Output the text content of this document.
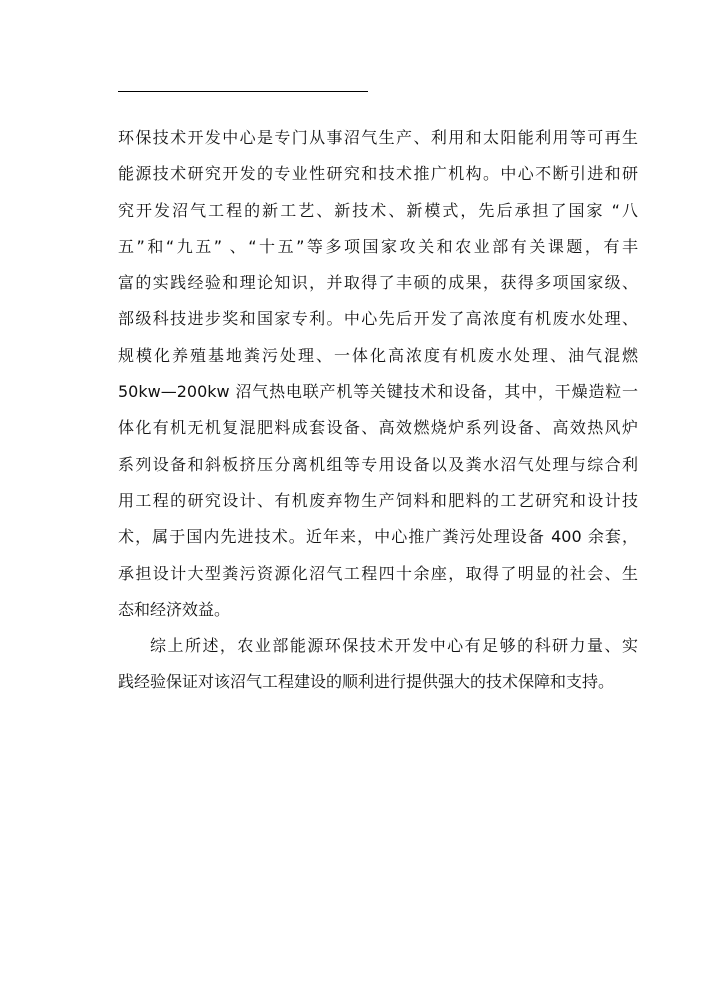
环保技术开发中心是专门从事沼气生产、利用和太阳能利用等可再生
能源技术研究开发的专业性研究和技术推广机构。中心不断引进和研
究开发沼气工程的新工艺、新技术、新模式，先后承担了国家 “八
五”和“九五” 、“十五”等多项国家攻关和农业部有关课题，有丰
富的实践经验和理论知识，并取得了丰硕的成果，获得多项国家级、
部级科技进步奖和国家专利。中心先后开发了高浓度有机废水处理、
规模化养殖基地粪污处理、一体化高浓度有机废水处理、油气混燃
50kw—200kw 沼气热电联产机等关键技术和设备，其中，干燥造粒一
体化有机无机复混肥料成套设备、高效燃烧炉系列设备、高效热风炉
系列设备和斜板挤压分离机组等专用设备以及粪水沼气处理与综合利
用工程的研究设计、有机废弃物生产饲料和肥料的工艺研究和设计技
术，属于国内先进技术。近年来，中心推广粪污处理设备 400 余套，
承担设计大型粪污资源化沼气工程四十余座，取得了明显的社会、生
态和经济效益。
综上所述，农业部能源环保技术开发中心有足够的科研力量、实
践经验保证对该沼气工程建设的顺利进行提供强大的技术保障和支持。
